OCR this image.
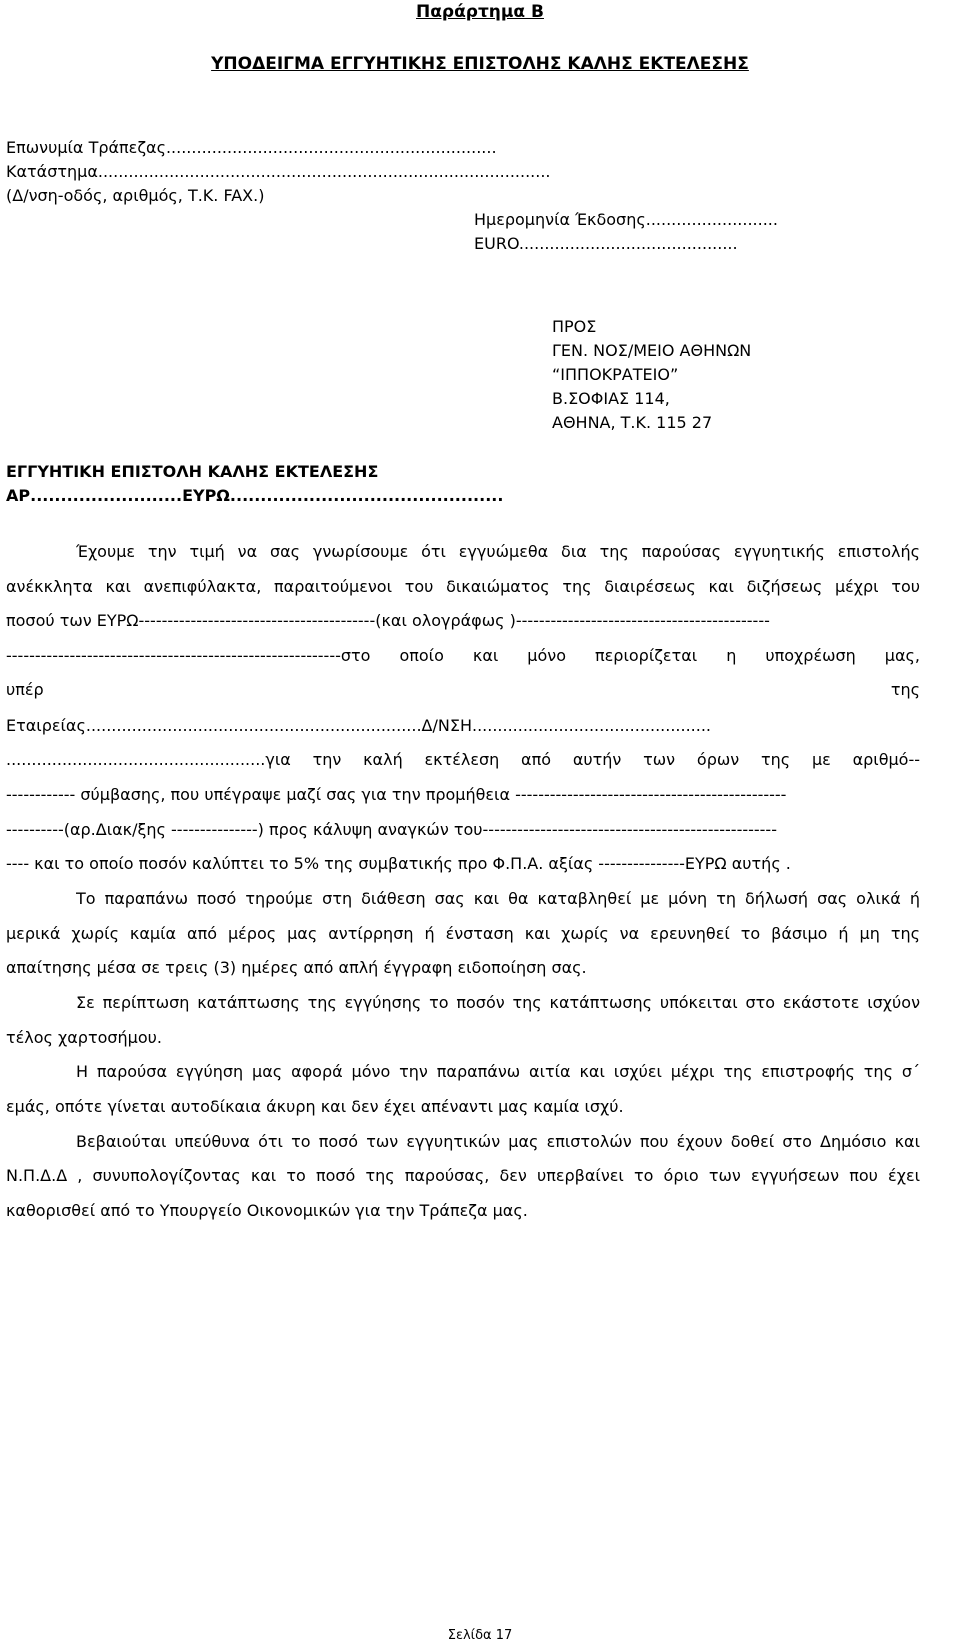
Παράρτημα Β
ΥΠΟΔΕΙΓΜΑ ΕΓΓΥΗΤΙΚΗΣ ΕΠΙΣΤΟΛΗΣ ΚΑΛΗΣ ΕΚΤΕΛΕΣΗΣ
Επωνυμία Τράπεζας.................................................................
Κατάστημα.........................................................................................
(Δ/νση-οδός, αριθμός, Τ.Κ. FAX.)
Ημερομηνία Έκδοσης..........................
EURO...........................................
ΠΡΟΣ
ΓΕΝ. ΝΟΣ/ΜΕΙΟ ΑΘΗΝΩΝ
“ΙΠΠΟΚΡΑΤΕΙΟ”
Β.ΣΟΦΙΑΣ 114,
ΑΘΗΝΑ, Τ.Κ. 115 27
ΕΓΓΥΗΤΙΚΗ ΕΠΙΣΤΟΛΗ ΚΑΛΗΣ ΕΚΤΕΛΕΣΗΣ
ΑΡ.........................ΕΥΡΩ.............................................
Έχουμε την τιμή να σας γνωρίσουμε ότι εγγυώμεθα δια της παρούσας εγγυητικής επιστολής
ανέκκλητα και ανεπιφύλακτα, παραιτούμενοι του δικαιώματος της διαιρέσεως και διζήσεως μέχρι του
ποσού των ΕΥΡΩ-----------------------------------------(και ολογράφως )--------------------------------------------
----------------------------------------------------------στο οποίο και μόνο περιορίζεται η υποχρέωση μας,
υπέρ	της
Εταιρείας..................................................................Δ/ΝΣΗ...............................................
...................................................για την καλή εκτέλεση από αυτήν των όρων της με αριθμό--
------------ σύμβασης, που υπέγραψε μαζί σας για την προμήθεια -----------------------------------------------
----------(αρ.Διακ/ξης ---------------) προς κάλυψη αναγκών του---------------------------------------------------
---- και το οποίο ποσόν καλύπτει το 5% της συμβατικής προ Φ.Π.Α. αξίας ---------------ΕΥΡΩ αυτής .
Το παραπάνω ποσό τηρούμε στη διάθεση σας και θα καταβληθεί με μόνη τη δήλωσή σας ολικά ή
μερικά χωρίς καμία από μέρος μας αντίρρηση ή ένσταση και χωρίς να ερευνηθεί το βάσιμο ή μη της
απαίτησης μέσα σε τρεις (3) ημέρες από απλή έγγραφη ειδοποίηση σας.
Σε περίπτωση κατάπτωσης της εγγύησης το ποσόν της κατάπτωσης υπόκειται στο εκάστοτε ισχύον
τέλος χαρτοσήμου.
Η παρούσα εγγύηση μας αφορά μόνο την παραπάνω αιτία και ισχύει μέχρι της επιστροφής της σ΄
εμάς, οπότε γίνεται αυτοδίκαια άκυρη και δεν έχει απέναντι μας καμία ισχύ.
Βεβαιούται υπεύθυνα ότι το ποσό των εγγυητικών μας επιστολών που έχουν δοθεί στο Δημόσιο και
Ν.Π.Δ.Δ , συνυπολογίζοντας και το ποσό της παρούσας, δεν υπερβαίνει το όριο των εγγυήσεων που έχει
καθορισθεί από το Υπουργείο Οικονομικών για την Τράπεζα μας.
Σελίδα 17
